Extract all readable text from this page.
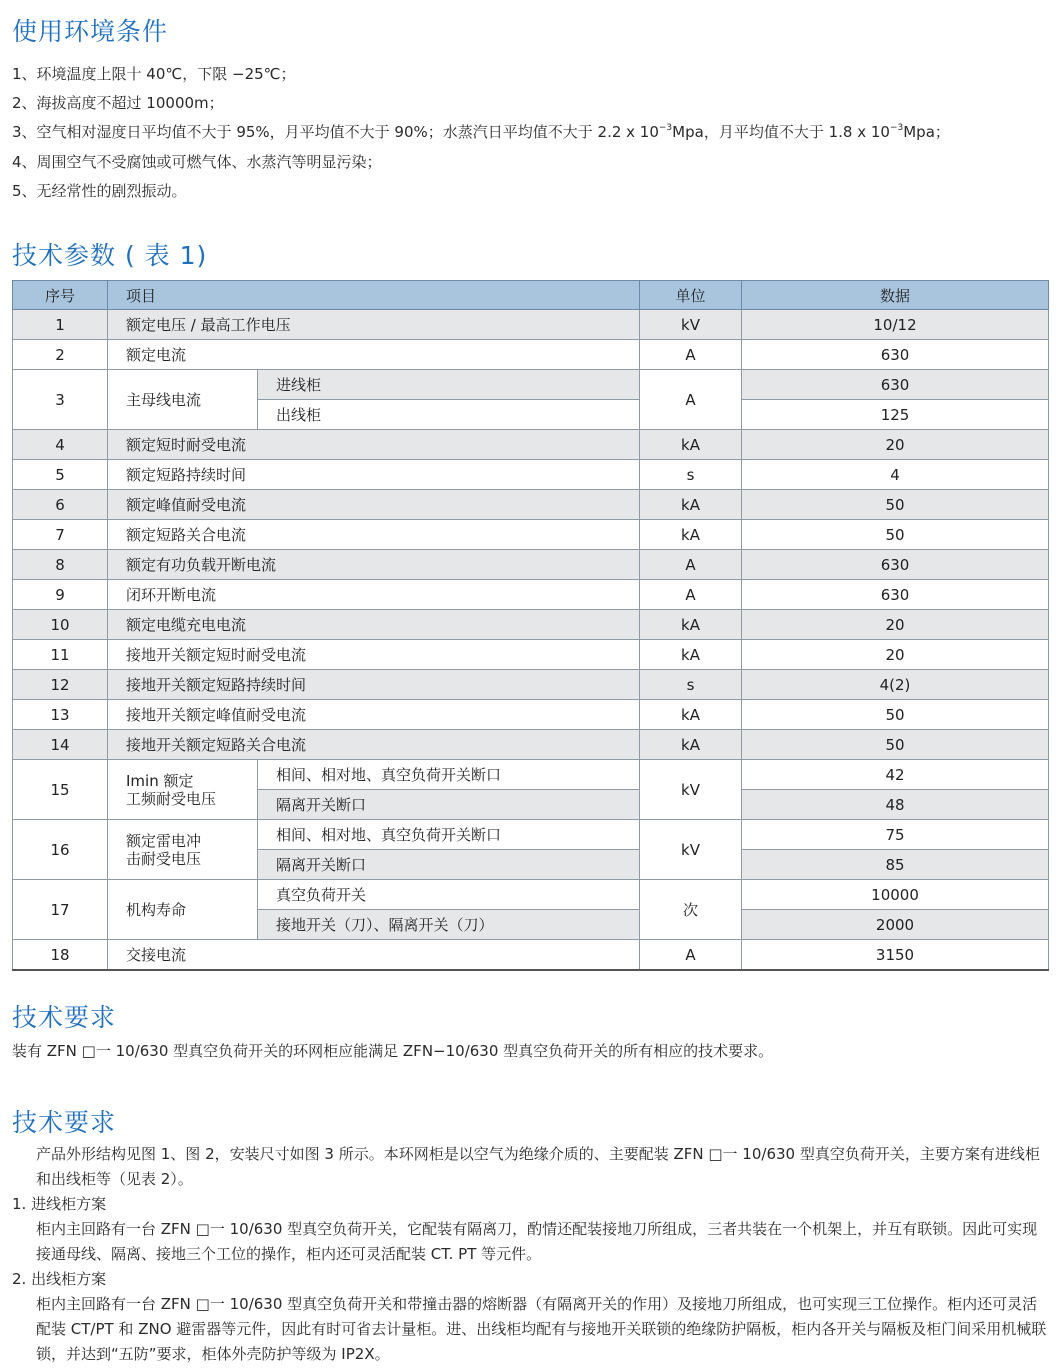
使用环境条件
1、环境温度上限十 40℃，下限 −25℃；
2、海拔高度不超过 10000m；
3、空气相对湿度日平均值不大于 95%，月平均值不大于 90%；水蒸汽日平均值不大于 2.2 x $10^{-3}Mpa$，月平均值不大于 1.8 x $10^{-3}Mpa$；
4、周围空气不受腐蚀或可燃气体、水蒸汽等明显污染；
5、无经常性的剧烈振动。
技术参数 ( 表 1)
序号	项目		单位	数据
1	额定电压 / 最高工作电压		kV	10/12
2	额定电流		A	630
3	主母线电流	进线柜	A	630
		出线柜		125
4	额定短时耐受电流		kA	20
5	额定短路持续时间		s	4
6	额定峰值耐受电流		kA	50
7	额定短路关合电流		kA	50
8	额定有功负载开断电流		A	630
9	闭环开断电流		A	630
10	额定电缆充电电流		kA	20
11	接地开关额定短时耐受电流		kA	20
12	接地开关额定短路持续时间		s	4(2)
13	接地开关额定峰值耐受电流		kA	50
14	接地开关额定短路关合电流		kA	50
15	Imin 额定
工频耐受电压	相间、相对地、真空负荷开关断口	kV	42
		隔离开关断口		48
16	额定雷电冲
击耐受电压	相间、相对地、真空负荷开关断口	kV	75
		隔离开关断口		85
17	机构寿命	真空负荷开关	次	10000
		接地开关（刀）、隔离开关（刀）		2000
18	交接电流		A	3150
技术要求
装有 ZFN □一 10/630 型真空负荷开关的环网柜应能满足 ZFN−10/630 型真空负荷开关的所有相应的技术要求。
技术要求
产品外形结构见图 1、图 2，安装尺寸如图 3 所示。本环网柜是以空气为绝缘介质的、主要配装 ZFN □一 10/630 型真空负荷开关，主要方案有进线柜和出线柜等（见表 2）。
1. 进线柜方案
柜内主回路有一台 ZFN □一 10/630 型真空负荷开关，它配装有隔离刀，酌情还配装接地刀所组成，三者共装在一个机架上，并互有联锁。因此可实现接通母线、隔离、接地三个工位的操作，柜内还可灵活配装 CT. PT 等元件。
2. 出线柜方案
柜内主回路有一台 ZFN □一 10/630 型真空负荷开关和带撞击器的熔断器（有隔离开关的作用）及接地刀所组成，也可实现三工位操作。柜内还可灵活配装 CT/PT 和 ZNO 避雷器等元件，因此有时可省去计量柜。进、出线柜均配有与接地开关联锁的绝缘防护隔板，柜内各开关与隔板及柜门间采用机械联锁，并达到“五防”要求，柜体外壳防护等级为 IP2X。
